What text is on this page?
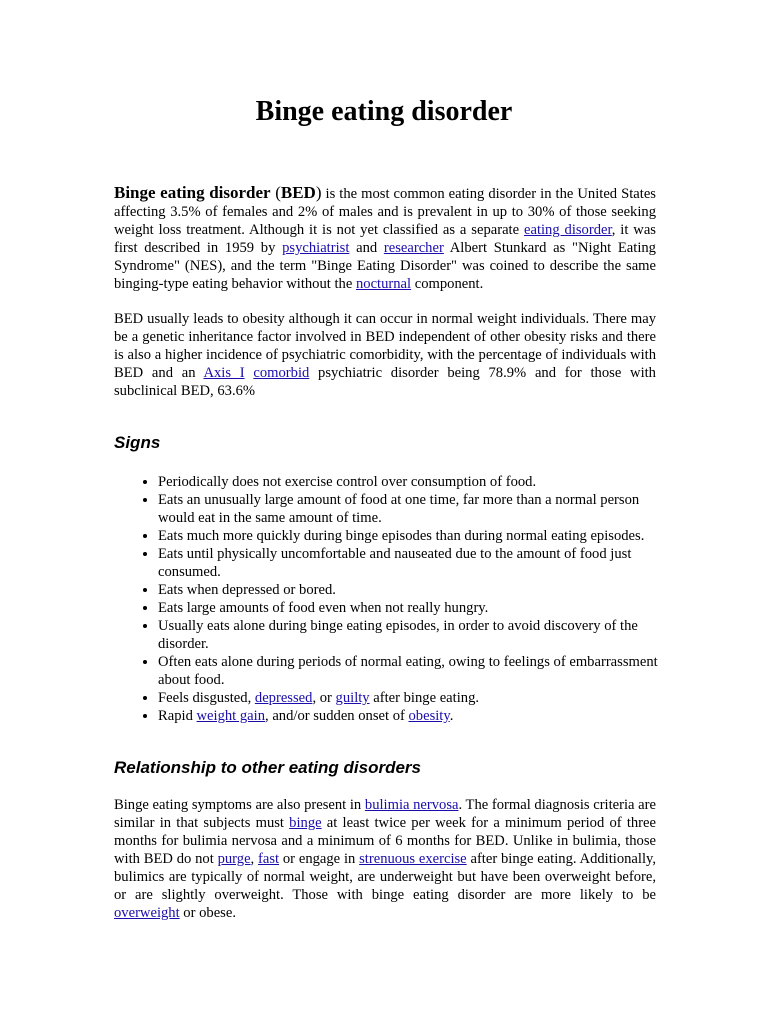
Binge eating disorder

Binge eating disorder (BED) is the most common eating disorder in the United States affecting 3.5% of females and 2% of males and is prevalent in up to 30% of those seeking weight loss treatment. Although it is not yet classified as a separate eating disorder, it was first described in 1959 by psychiatrist and researcher Albert Stunkard as "Night Eating Syndrome" (NES), and the term "Binge Eating Disorder" was coined to describe the same binging-type eating behavior without the nocturnal component.

BED usually leads to obesity although it can occur in normal weight individuals. There may be a genetic inheritance factor involved in BED independent of other obesity risks and there is also a higher incidence of psychiatric comorbidity, with the percentage of individuals with BED and an Axis I comorbid psychiatric disorder being 78.9% and for those with subclinical BED, 63.6%

Signs
• Periodically does not exercise control over consumption of food.
• Eats an unusually large amount of food at one time, far more than a normal person would eat in the same amount of time.
• Eats much more quickly during binge episodes than during normal eating episodes.
• Eats until physically uncomfortable and nauseated due to the amount of food just consumed.
• Eats when depressed or bored.
• Eats large amounts of food even when not really hungry.
• Usually eats alone during binge eating episodes, in order to avoid discovery of the disorder.
• Often eats alone during periods of normal eating, owing to feelings of embarrassment about food.
• Feels disgusted, depressed, or guilty after binge eating.
• Rapid weight gain, and/or sudden onset of obesity.
Relationship to other eating disorders

Binge eating symptoms are also present in bulimia nervosa. The formal diagnosis criteria are similar in that subjects must binge at least twice per week for a minimum period of three months for bulimia nervosa and a minimum of 6 months for BED. Unlike in bulimia, those with BED do not purge, fast or engage in strenuous exercise after binge eating. Additionally, bulimics are typically of normal weight, are underweight but have been overweight before, or are slightly overweight. Those with binge eating disorder are more likely to be overweight or obese.
